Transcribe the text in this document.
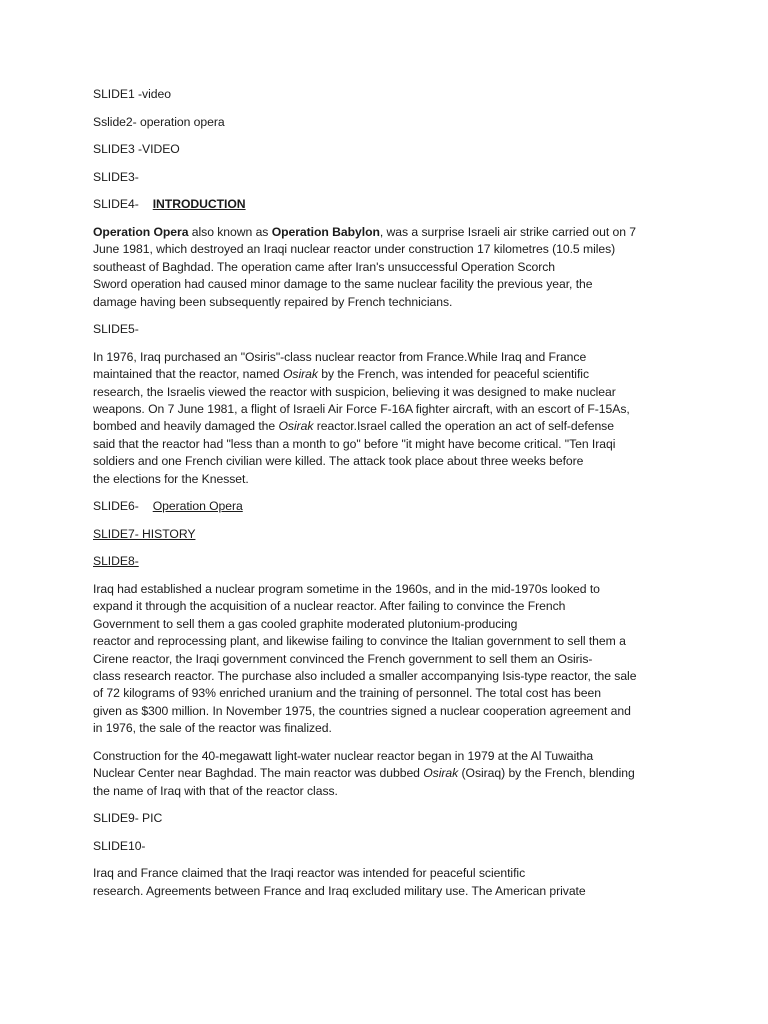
SLIDE1 -video
Sslide2- operation opera
SLIDE3 -VIDEO
SLIDE3-
SLIDE4- INTRODUCTION
Operation Opera also known as Operation Babylon, was a surprise Israeli air strike carried out on 7
June 1981, which destroyed an Iraqi nuclear reactor under construction 17 kilometres (10.5 miles)
southeast of Baghdad. The operation came after Iran's unsuccessful Operation Scorch
Sword operation had caused minor damage to the same nuclear facility the previous year, the
damage having been subsequently repaired by French technicians.
SLIDE5-
In 1976, Iraq purchased an "Osiris"-class nuclear reactor from France.While Iraq and France
maintained that the reactor, named Osirak by the French, was intended for peaceful scientific
research, the Israelis viewed the reactor with suspicion, believing it was designed to make nuclear
weapons. On 7 June 1981, a flight of Israeli Air Force F-16A fighter aircraft, with an escort of F-15As,
bombed and heavily damaged the Osirak reactor.Israel called the operation an act of self-defense
said that the reactor had "less than a month to go" before "it might have become critical. "Ten Iraqi
soldiers and one French civilian were killed. The attack took place about three weeks before
the elections for the Knesset.
SLIDE6- Operation Opera
SLIDE7- HISTORY
SLIDE8-
Iraq had established a nuclear program sometime in the 1960s, and in the mid-1970s looked to
expand it through the acquisition of a nuclear reactor. After failing to convince the French
Government to sell them a gas cooled graphite moderated plutonium-producing
reactor and reprocessing plant, and likewise failing to convince the Italian government to sell them a
Cirene reactor, the Iraqi government convinced the French government to sell them an Osiris-
class research reactor. The purchase also included a smaller accompanying Isis-type reactor, the sale
of 72 kilograms of 93% enriched uranium and the training of personnel. The total cost has been
given as $300 million. In November 1975, the countries signed a nuclear cooperation agreement and
in 1976, the sale of the reactor was finalized.
Construction for the 40-megawatt light-water nuclear reactor began in 1979 at the Al Tuwaitha
Nuclear Center near Baghdad. The main reactor was dubbed Osirak (Osiraq) by the French, blending
the name of Iraq with that of the reactor class.
SLIDE9- PIC
SLIDE10-
Iraq and France claimed that the Iraqi reactor was intended for peaceful scientific
research. Agreements between France and Iraq excluded military use. The American private
